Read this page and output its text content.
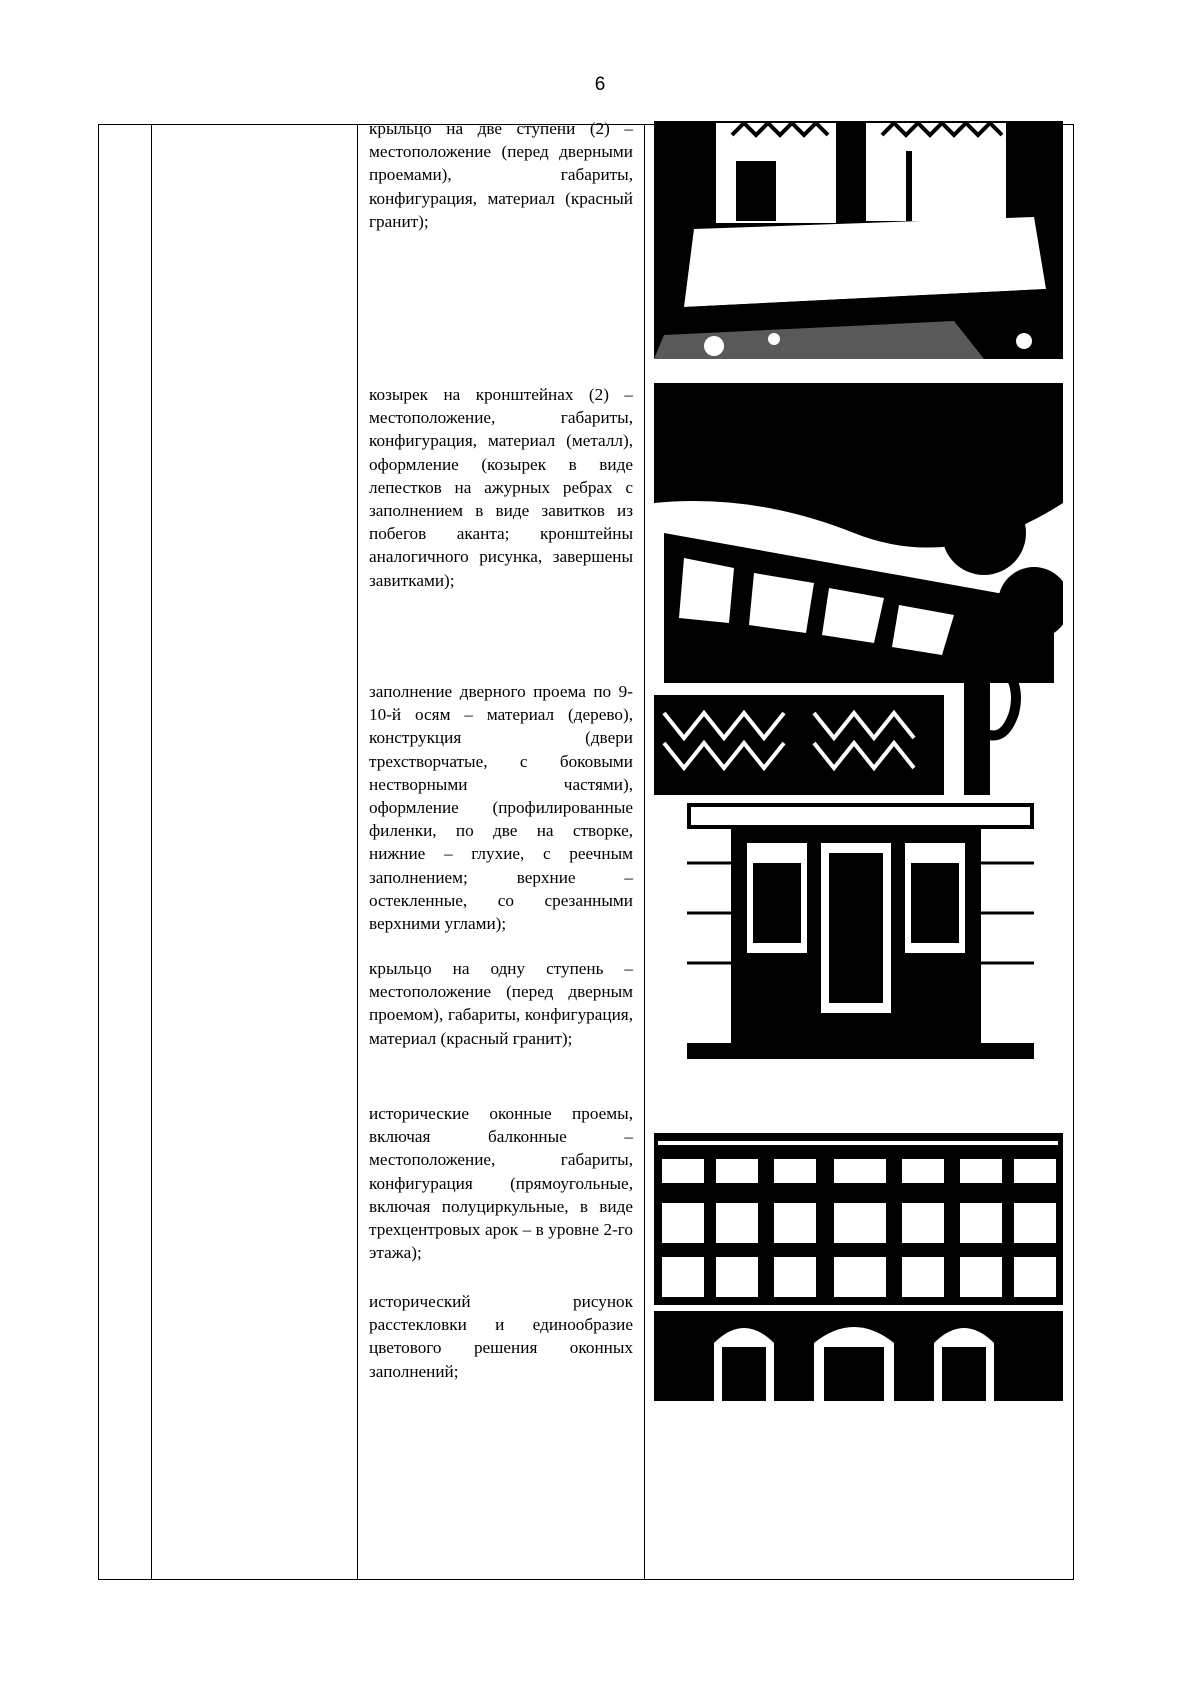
6

крыльцо на две ступени (2) – местоположение (перед дверными проемами), габариты, конфигурация, материал (красный гранит);

козырек на кронштейнах (2) – местоположение, габариты, конфигурация, материал (металл), оформление (козырек в виде лепестков на ажурных ребрах с заполнением в виде завитков из побегов аканта; кронштейны аналогичного рисунка, завершены завитками);

заполнение дверного проема по 9-10-й осям – материал (дерево), конструкция (двери трехстворчатые, с боковыми нестворными частями), оформление (профилированные филенки, по две на створке, нижние – глухие, с реечным заполнением; верхние – остекленные, со срезанными верхними углами);

крыльцо на одну ступень – местоположение (перед дверным проемом), габариты, конфигурация, материал (красный гранит);

исторические оконные проемы, включая балконные – местоположение, габариты, конфигурация (прямоугольные, включая полуциркульные, в виде трехцентровых арок – в уровне 2-го этажа);

исторический рисунок расстекловки и единообразие цветового решения оконных заполнений;
